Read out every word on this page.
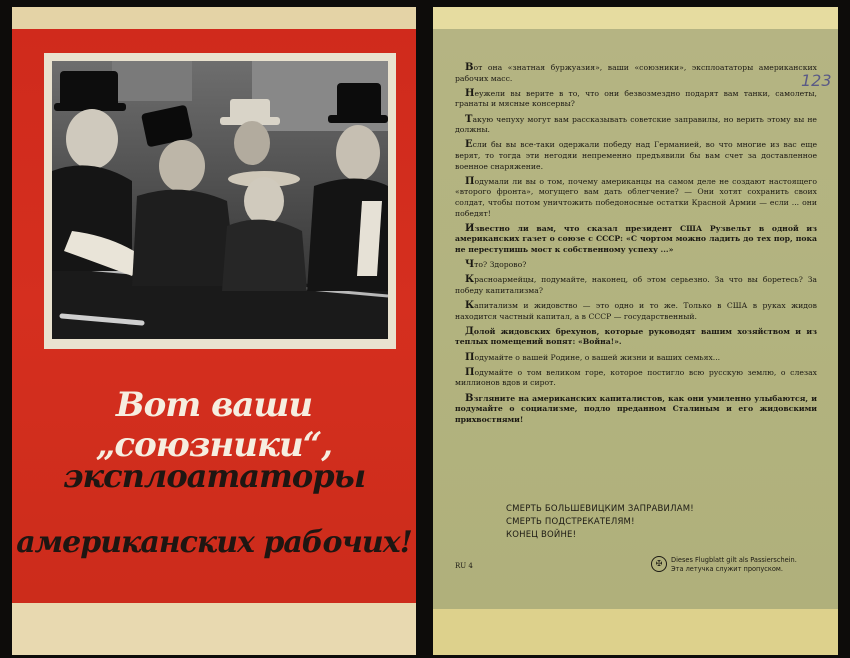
Вот ваши „союзники“,
эксплоататоры
американских рабочих!
123

Вот она «знатная буржуазия», ваши «союзники», эксплоататоры американских рабочих масс.

Неужели вы верите в то, что они безвозмездно подарят вам танки, самолеты, гранаты и мясные консервы?

Такую чепуху могут вам рассказывать советские заправилы, но верить этому вы не должны.

Если бы вы все-таки одержали победу над Германией, во что многие из вас еще верят, то тогда эти негодяи непременно предъявили бы вам счет за доставленное военное снаряжение.

Подумали ли вы о том, почему американцы на самом деле не создают настоящего «второго фронта», могущего вам дать облегчение? — Они хотят сохранить своих солдат, чтобы потом уничтожить победоносные остатки Красной Армии — если ... они победят!

Известно ли вам, что сказал президент США Рузвельт в одной из американских газет о союзе с СССР: «С чортом можно ладить до тех пор, пока не переступишь мост к собственному успеху ...»

Что? Здорово?

Красноармейцы, подумайте, наконец, об этом серьезно. За что вы боретесь? За победу капитализма?

Капитализм и жидовство — это одно и то же. Только в США в руках жидов находится частный капитал, а в СССР — государственный.

Долой жидовских брехунов, которые руководят вашим хозяйством и из теплых помещений вопят: «Война!».

Подумайте о вашей Родине, о вашей жизни и ваших семьях...

Подумайте о том великом горе, которое постигло всю русскую землю, о слезах миллионов вдов и сирот.

Взгляните на американских капиталистов, как они умиленно улыбаются, и подумайте о социализме, подло преданном Сталиным и его жидовскими прихвостнями!

СМЕРТЬ БОЛЬШЕВИЦКИМ ЗАПРАВИЛАМ!
СМЕРТЬ ПОДСТРЕКАТЕЛЯМ!
КОНЕЦ ВОЙНЕ!
RU 4	✠	Dieses Flugblatt gilt als Passierschein.
Эта летучка служит пропуском.
